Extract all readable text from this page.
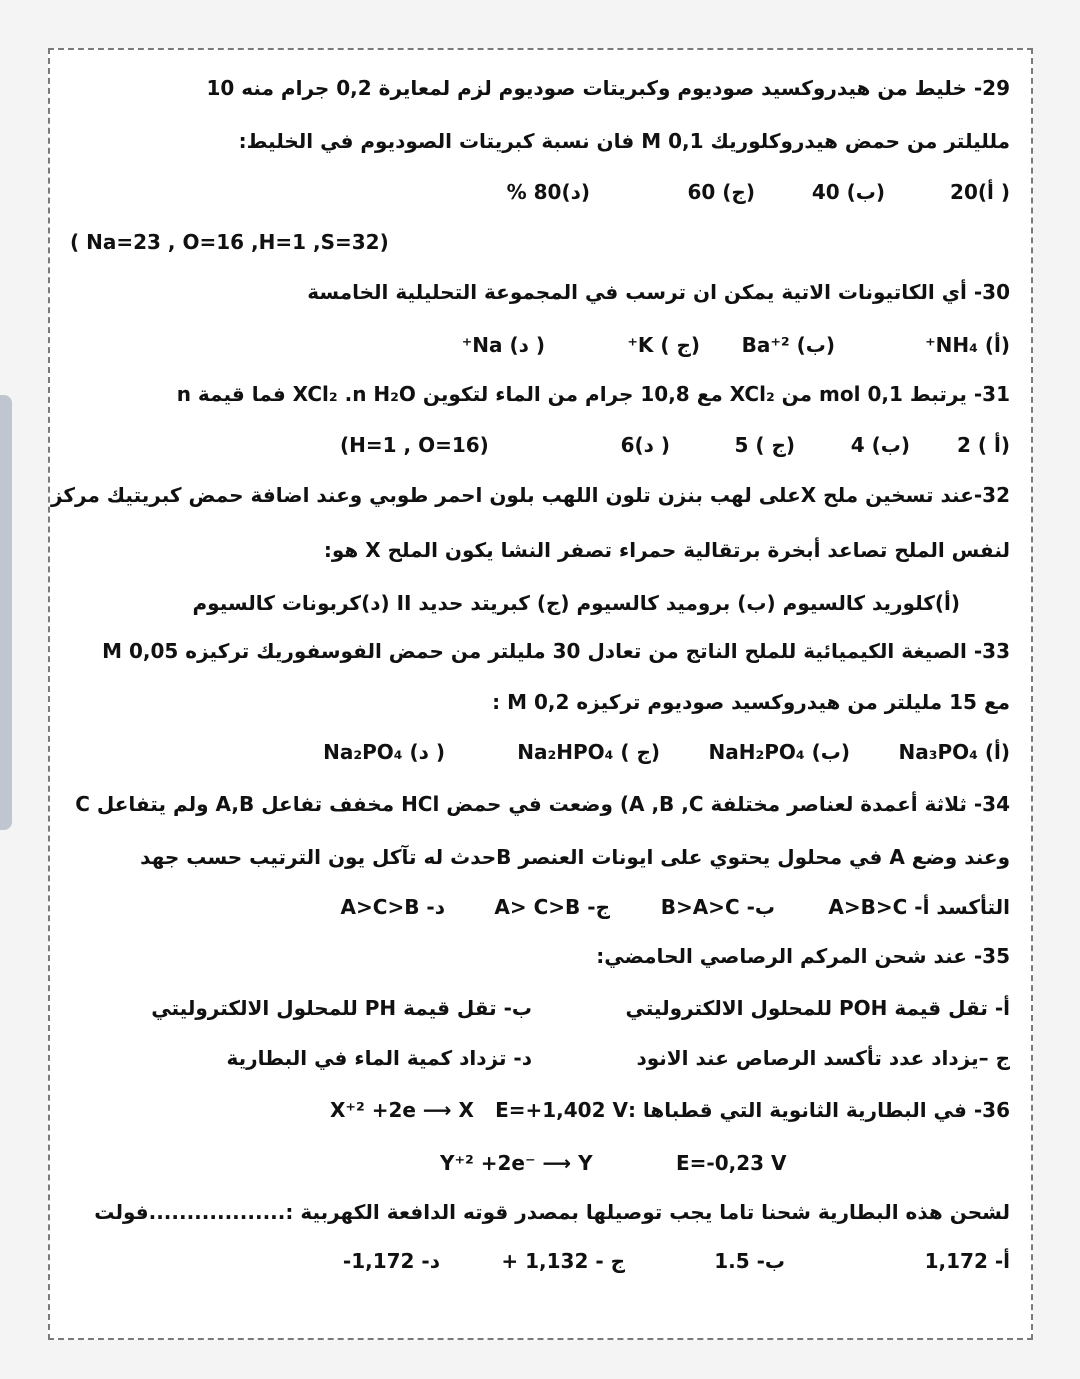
29- خليط من هيدروكسيد صوديوم وكبريتات صوديوم لزم لمعايرة 0,2 جرام منه 10
ملليلتر من حمض هيدروكلوريك 0,1 M فان نسبة كبريتات الصوديوم في الخليط:
( أ)20
(ب) 40
(ج) 60
(د)80 %
( Na=23 , O=16 ,H=1 ,S=32)
30- أي الكاتيونات الاتية يمكن ان ترسب في المجموعة التحليلية الخامسة
(أ) NH₄⁺
(ب) Ba⁺²
(ج ) K⁺
( د) Na⁺
31- يرتبط 0,1 mol من XCl₂ مع 10,8 جرام من الماء لتكوين XCl₂ .n H₂O فما قيمة n
(أ ) 2
(ب) 4
(ج ) 5
( د)6
(H=1 , O=16)
32-عند تسخين ملح Xعلى لهب بنزن تلون اللهب بلون احمر طوبي وعند اضافة حمض كبريتيك مركز
لنفس الملح تصاعد أبخرة برتقالية حمراء تصفر النشا يكون الملح X هو:
(أ)كلوريد كالسيوم (ب) بروميد كالسيوم (ج) كبريتد حديد II (د)كربونات كالسيوم
33- الصيغة الكيميائية للملح الناتج من تعادل 30 مليلتر من حمض الفوسفوريك تركيزه 0,05 M
مع 15 مليلتر من هيدروكسيد صوديوم تركيزه 0,2 M :
(أ) Na₃PO₄
(ب) NaH₂PO₄
(ج ) Na₂HPO₄
( د) Na₂PO₄
34- ثلاثة أعمدة لعناصر مختلفة A ,B ,C) وضعت في حمض HCl مخفف تفاعل A,B ولم يتفاعل C
وعند وضع A في محلول يحتوي على ايونات العنصر Bحدث له تآكل يون الترتيب حسب جهد
التأكسد أ- A>B>C
ب- B>A>C
ج- A> C>B
د- A>C>B
35- عند شحن المركم الرصاصي الحامضي:
أ- تقل قيمة POH للمحلول الالكتروليتي
ب- تقل قيمة PH للمحلول الالكتروليتي
ج –يزداد عدد تأكسد الرصاص عند الانود
د- تزداد كمية الماء في البطارية
36- في البطارية الثانوية التي قطباها :E=+1,402 V
X⁺² +2e ⟶ X
Y⁺² +2e⁻ ⟶ Y	E=-0,23 V
لشحن هذه البطارية شحنا تاما يجب توصيلها بمصدر قوته الدافعة الكهربية :..................فولت
أ- 1,172
ب- 1.5
ج - 1,132 +
د- 1,172-
